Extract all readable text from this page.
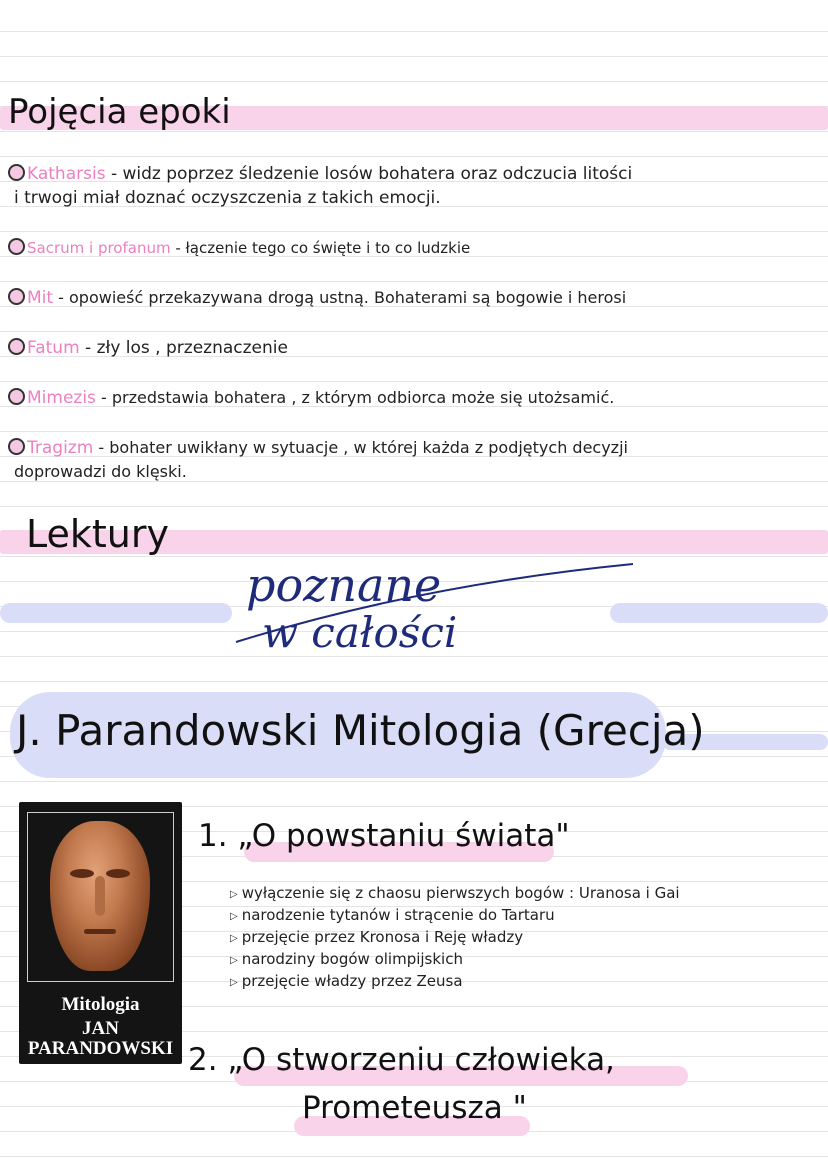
Pojęcia epoki
Katharsis - widz poprzez śledzenie losów bohatera oraz odczucia litości
i trwogi miał doznać oczyszczenia z takich emocji.
Sacrum i profanum - łączenie tego co święte i to co ludzkie
Mit - opowieść przekazywana drogą ustną. Bohaterami są bogowie i herosi
Fatum - zły los , przeznaczenie
Mimezis - przedstawia bohatera , z którym odbiorca może się utożsamić.
Tragizm - bohater uwikłany w sytuacje , w której każda z podjętych decyzji
doprowadzi do klęski.
Lektury
poznane
w całości
J. Parandowski Mitologia (Grecja)
Mitologia
JAN
PARANDOWSKI
1. „O powstaniu świata"
▷ wyłączenie się z chaosu pierwszych bogów : Uranosa i Gai
▷ narodzenie tytanów i strącenie do Tartaru
▷ przejęcie przez Kronosa i Reję władzy
▷ narodziny bogów olimpijskich
▷ przejęcie władzy przez Zeusa
2. „O stworzeniu człowieka,
Prometeusza "
